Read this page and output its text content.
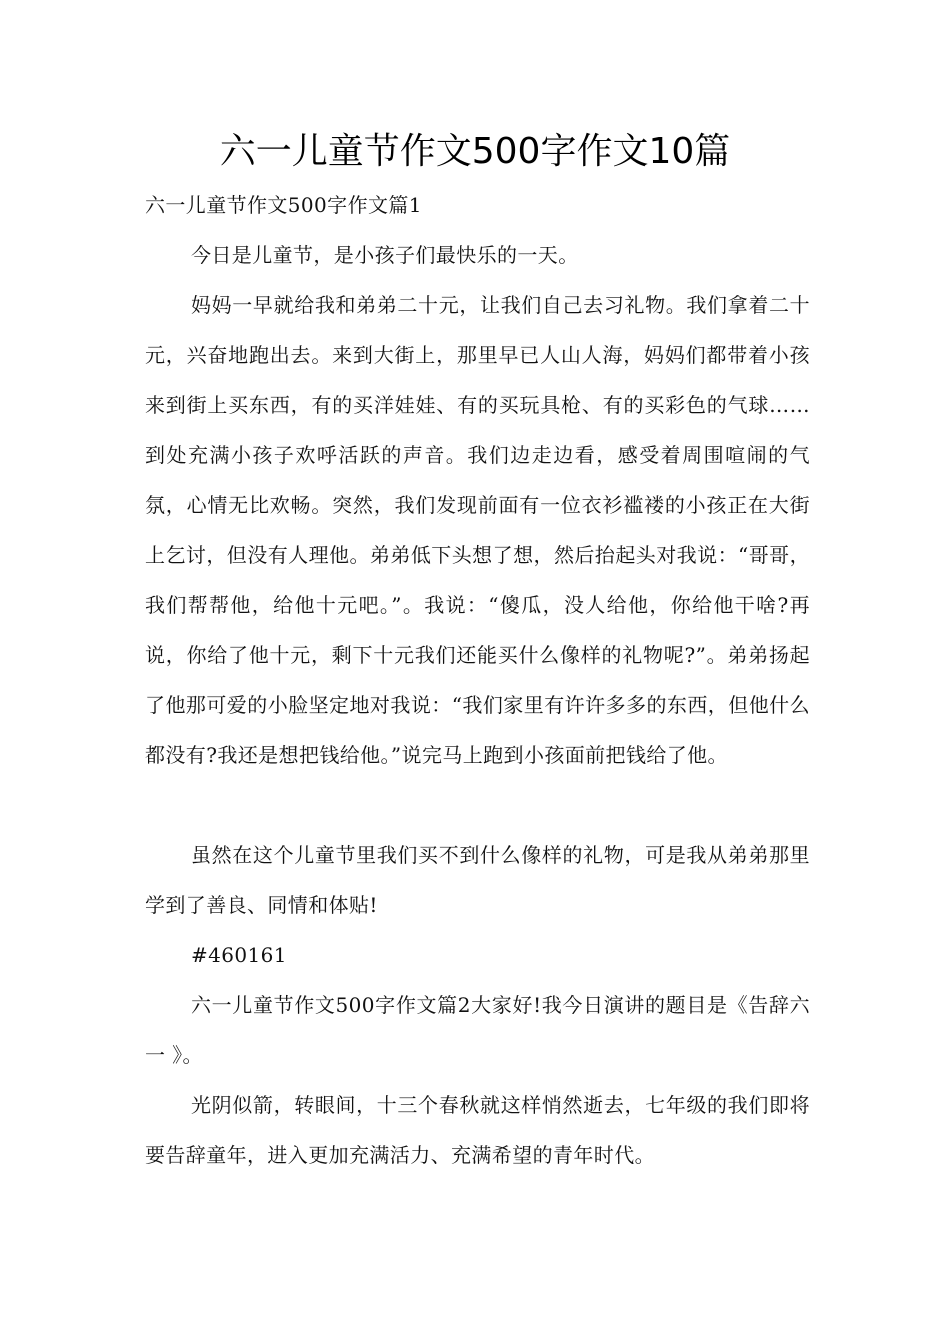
六一儿童节作文500字作文10篇

六一儿童节作文500字作文篇1

今日是儿童节，是小孩子们最快乐的一天。

妈妈一早就给我和弟弟二十元，让我们自己去习礼物。我们拿着二十元，兴奋地跑出去。来到大街上，那里早已人山人海，妈妈们都带着小孩来到街上买东西，有的买洋娃娃、有的买玩具枪、有的买彩色的气球……到处充满小孩子欢呼活跃的声音。我们边走边看，感受着周围喧闹的气氛，心情无比欢畅。突然，我们发现前面有一位衣衫褴褛的小孩正在大街上乞讨，但没有人理他。弟弟低下头想了想，然后抬起头对我说：“哥哥，我们帮帮他，给他十元吧。”。我说：“傻瓜，没人给他，你给他干啥?再说，你给了他十元，剩下十元我们还能买什么像样的礼物呢?”。弟弟扬起了他那可爱的小脸坚定地对我说：“我们家里有许许多多的东西，但他什么都没有?我还是想把钱给他。”说完马上跑到小孩面前把钱给了他。

虽然在这个儿童节里我们买不到什么像样的礼物，可是我从弟弟那里学到了善良、同情和体贴!

#460161

六一儿童节作文500字作文篇2大家好!我今日演讲的题目是《告辞六一 》。

光阴似箭，转眼间，十三个春秋就这样悄然逝去，七年级的我们即将要告辞童年，进入更加充满活力、充满希望的青年时代。
